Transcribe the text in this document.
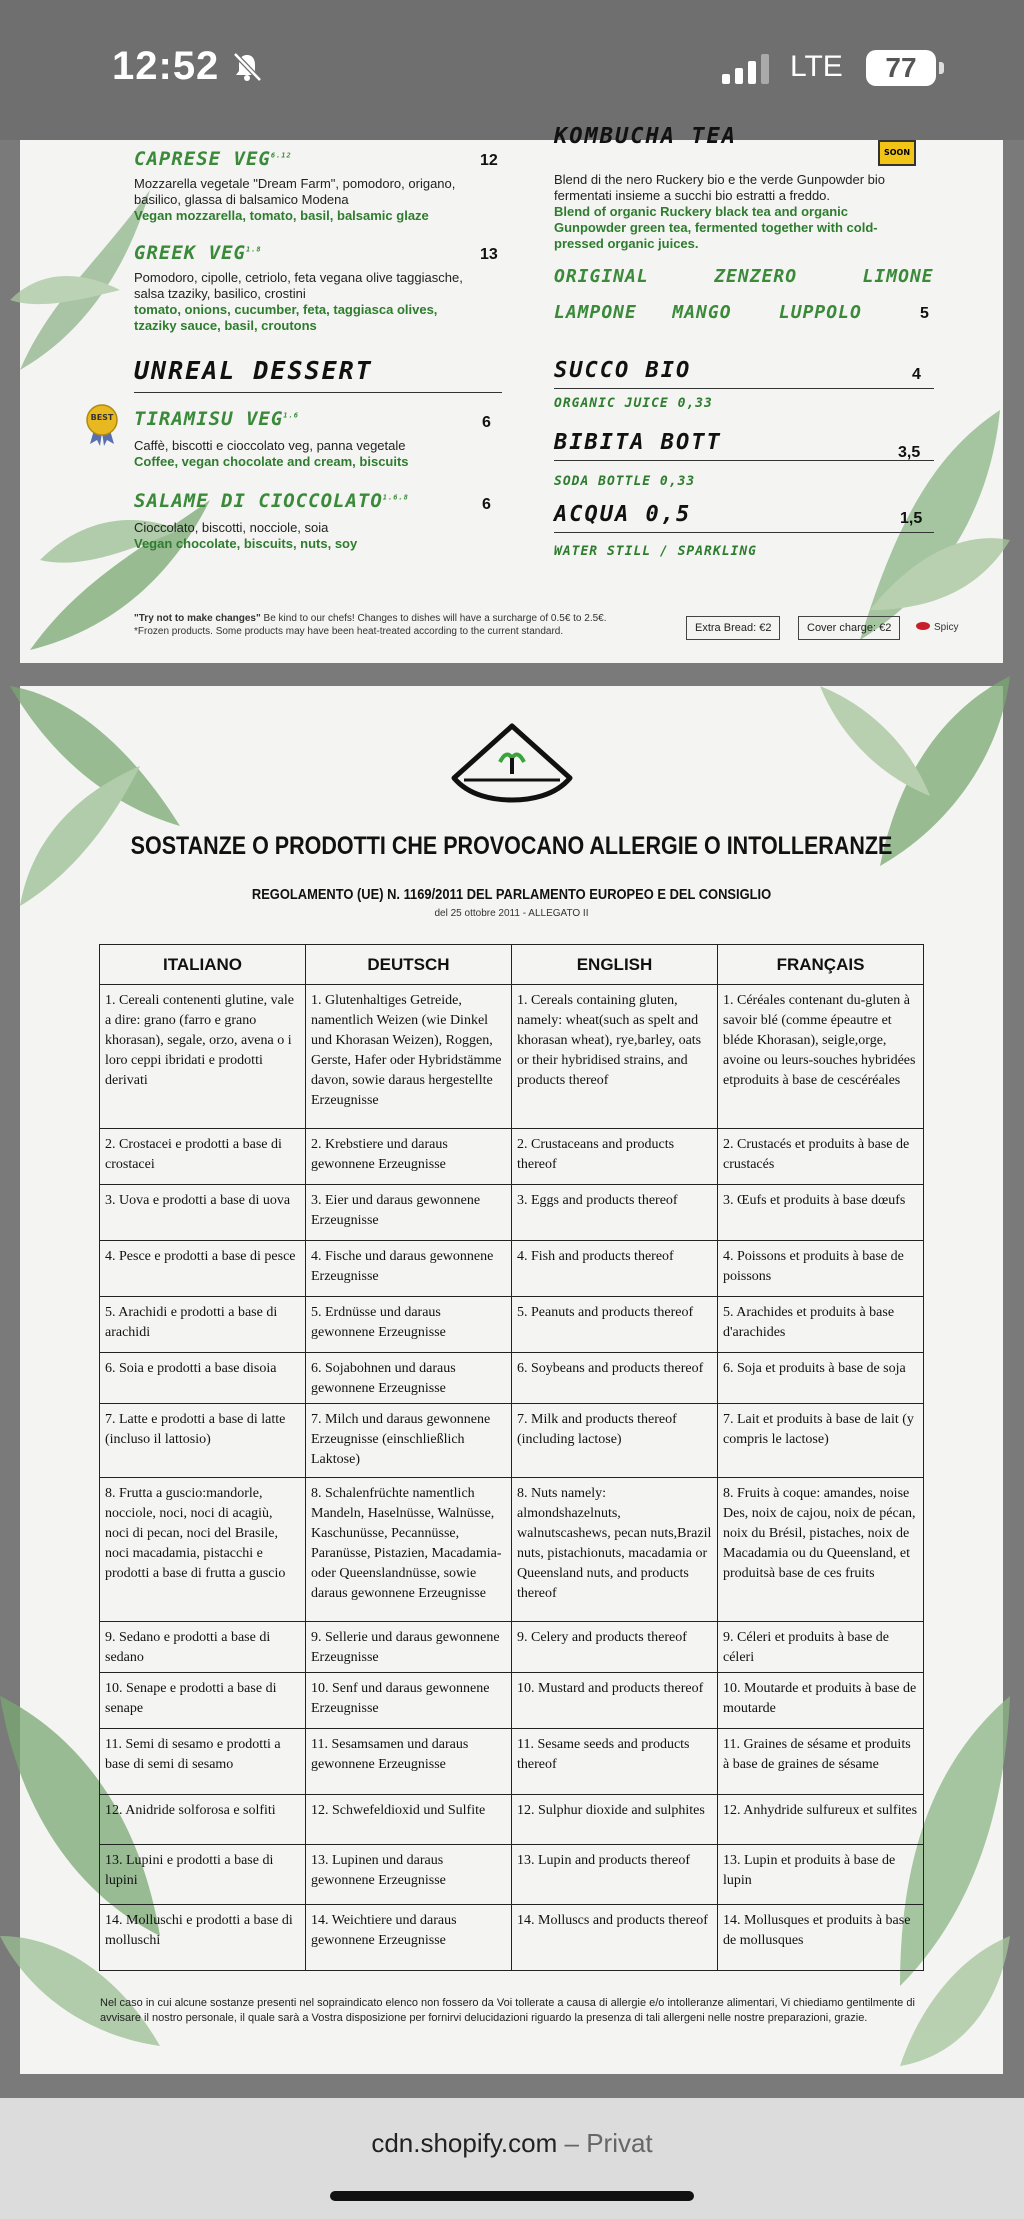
12:52	LTE	77
CAPRESE $VEG^{6.12}$	12
Mozzarella vegetale "Dream Farm", pomodoro, origano, basilico, glassa di balsamico Modena
Vegan mozzarella, tomato, basil, balsamic glaze
GREEK $VEG^{1.8}$	13
Pomodoro, cipolle, cetriolo, feta vegana olive taggiasche, salsa tzaziky, basilico, crostini
tomato, onions, cucumber, feta, taggiasca olives, tzaziky sauce, basil, croutons
UNREAL DESSERT
BEST TIRAMISU $VEG^{1.6}$	6
Caffè, biscotti e cioccolato veg, panna vegetale
Coffee, vegan chocolate and cream, biscuits
SALAME DI $CIOCCOLATO^{1.6.8}$	6
Cioccolato, biscotti, nocciole, soia
Vegan chocolate, biscuits, nuts, soy
KOMBUCHA TEA
SOON
Blend di the nero Ruckery bio e the verde Gunpowder bio fermentati insieme a succhi bio estratti a freddo.
Blend of organic Ruckery black tea and organic Gunpowder green tea, fermented together with cold-pressed organic juices.
ORIGINAL	ZENZERO	LIMONE
LAMPONE MANGO	LUPPOLO	5
SUCCO BIO	4
ORGANIC JUICE 0,33
BIBITA BOTT	3,5
SODA BOTTLE 0,33
ACQUA 0,5	1,5
WATER STILL / SPARKLING
"Try not to make changes" Be kind to our chefs! Changes to dishes will have a surcharge of 0.5€ to 2.5€.
*Frozen products. Some products may have been heat-treated according to the current standard.	Extra Bread: €2	Cover charge: €2	Spicy
SOSTANZE O PRODOTTI CHE PROVOCANO ALLERGIE O INTOLLERANZE
REGOLAMENTO (UE) N. 1169/2011 DEL PARLAMENTO EUROPEO E DEL CONSIGLIO
del 25 ottobre 2011 - ALLEGATO II
ITALIANO	DEUTSCH	ENGLISH	FRANÇAIS
1. Cereali contenenti glutine, vale a dire: grano (farro e grano khorasan), segale, orzo, avena o i loro ceppi ibridati e prodotti derivati	1. Glutenhaltiges Getreide, namentlich Weizen (wie Dinkel und Khorasan Weizen), Roggen, Gerste, Hafer oder Hybridstämme davon, sowie daraus hergestellte Erzeugnisse	1. Cereals containing gluten, namely: wheat(such as spelt and khorasan wheat), rye,barley, oats or their hybridised strains, and products thereof	1. Céréales contenant du-gluten à savoir blé (comme épeautre et bléde Khorasan), seigle,orge, avoine ou leurs-souches hybridées etproduits à base de cescéréales
2. Crostacei e prodotti a base di crostacei	2. Krebstiere und daraus gewonnene Erzeugnisse	2. Crustaceans and products thereof	2. Crustacés et produits à base de crustacés
3. Uova e prodotti a base di uova	3. Eier und daraus gewonnene Erzeugnisse	3. Eggs and products thereof	3. Œufs et produits à base dœufs
4. Pesce e prodotti a base di pesce	4. Fische und daraus gewonnene Erzeugnisse	4. Fish and products thereof	4. Poissons et produits à base de poissons
5. Arachidi e prodotti a base di arachidi	5. Erdnüsse und daraus gewonnene Erzeugnisse	5. Peanuts and products thereof	5. Arachides et produits à base d'arachides
6. Soia e prodotti a base disoia	6. Sojabohnen und daraus gewonnene Erzeugnisse	6. Soybeans and products thereof	6. Soja et produits à base de soja
7. Latte e prodotti a base di latte (incluso il lattosio)	7. Milch und daraus gewonnene Erzeugnisse (einschließlich Laktose)	7. Milk and products thereof (including lactose)	7. Lait et produits à base de lait (y compris le lactose)
8. Frutta a guscio:mandorle, nocciole, noci, noci di acagiù, noci di pecan, noci del Brasile, noci macadamia, pistacchi e prodotti a base di frutta a guscio	8. Schalenfrüchte namentlich Mandeln, Haselnüsse, Walnüsse, Kaschunüsse, Pecannüsse, Paranüsse, Pistazien, Macadamia- oder Queenslandnüsse, sowie daraus gewonnene Erzeugnisse	8. Nuts namely: almondshazelnuts, walnutscashews, pecan nuts,Brazil nuts, pistachionuts, macadamia or Queensland nuts, and products thereof	8. Fruits à coque: amandes, noise Des, noix de cajou, noix de pécan, noix du Brésil, pistaches, noix de Macadamia ou du Queensland, et produitsà base de ces fruits
9. Sedano e prodotti a base di sedano	9. Sellerie und daraus gewonnene Erzeugnisse	9. Celery and products thereof	9. Céleri et produits à base de céleri
10. Senape e prodotti a base di senape	10. Senf und daraus gewonnene Erzeugnisse	10. Mustard and products thereof	10. Moutarde et produits à base de moutarde
11. Semi di sesamo e prodotti a base di semi di sesamo	11. Sesamsamen und daraus gewonnene Erzeugnisse	11. Sesame seeds and products thereof	11. Graines de sésame et produits à base de graines de sésame
12. Anidride solforosa e solfiti	12. Schwefeldioxid und Sulfite	12. Sulphur dioxide and sulphites	12. Anhydride sulfureux et sulfites
13. Lupini e prodotti a base di lupini	13. Lupinen und daraus gewonnene Erzeugnisse	13. Lupin and products thereof	13. Lupin et produits à base de lupin
14. Molluschi e prodotti a base di molluschi	14. Weichtiere und daraus gewonnene Erzeugnisse	14. Molluscs and products thereof	14. Mollusques et produits à base de mollusques
Nel caso in cui alcune sostanze presenti nel sopraindicato elenco non fossero da Voi tollerate a causa di allergie e/o intolleranze alimentari, Vi chiediamo gentilmente di avvisare il nostro personale, il quale sarà a Vostra disposizione per fornirvi delucidazioni riguardo la presenza di tali allergeni nelle nostre preparazioni, grazie.
cdn.shopify.com – Privat
